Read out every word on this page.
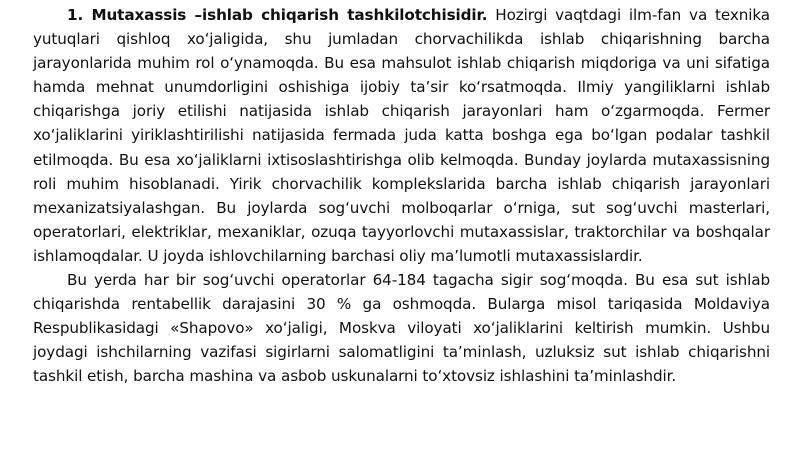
1. Mutaxassis –ishlab chiqarish tashkilotchisidir. Hozirgi vaqtdagi ilm-fan va texnika yutuqlari qishloq xoʻjaligida, shu jumladan chorvachilikda ishlab chiqarishning barcha jarayonlarida muhim rol oʻynamoqda. Bu esa mahsulot ishlab chiqarish miqdoriga va uni sifatiga hamda mehnat unumdorligini oshishiga ijobiy taʼsir koʻrsatmoqda. Ilmiy yangiliklarni ishlab chiqarishga joriy etilishi natijasida ishlab chiqarish jarayonlari ham oʻzgarmoqda. Fermer xoʻjaliklarini yiriklashtirilishi natijasida fermada juda katta boshga ega boʻlgan podalar tashkil etilmoqda. Bu esa xoʻjaliklarni ixtisoslashtirishga olib kelmoqda. Bunday joylarda mutaxassisning roli muhim hisoblanadi. Yirik chorvachilik komplekslarida barcha ishlab chiqarish jarayonlari mexanizatsiyalashgan. Bu joylarda sogʻuvchi molboqarlar oʻrniga, sut sogʻuvchi masterlari, operatorlari, elektriklar, mexaniklar, ozuqa tayyorlovchi mutaxassislar, traktorchilar va boshqalar ishlamoqdalar. U joyda ishlovchilarning barchasi oliy maʼlumotli mutaxassislardir.

Bu yerda har bir sogʻuvchi operatorlar 64-184 tagacha sigir sogʻmoqda. Bu esa sut ishlab chiqarishda rentabellik darajasini 30 % ga oshmoqda. Bularga misol tariqasida Moldaviya Respublikasidagi «Shapovo» xoʻjaligi, Moskva viloyati xoʻjaliklarini keltirish mumkin. Ushbu joydagi ishchilarning vazifasi sigirlarni salomatligini taʼminlash, uzluksiz sut ishlab chiqarishni tashkil etish, barcha mashina va asbob uskunalarni toʻxtovsiz ishlashini taʼminlashdir.
